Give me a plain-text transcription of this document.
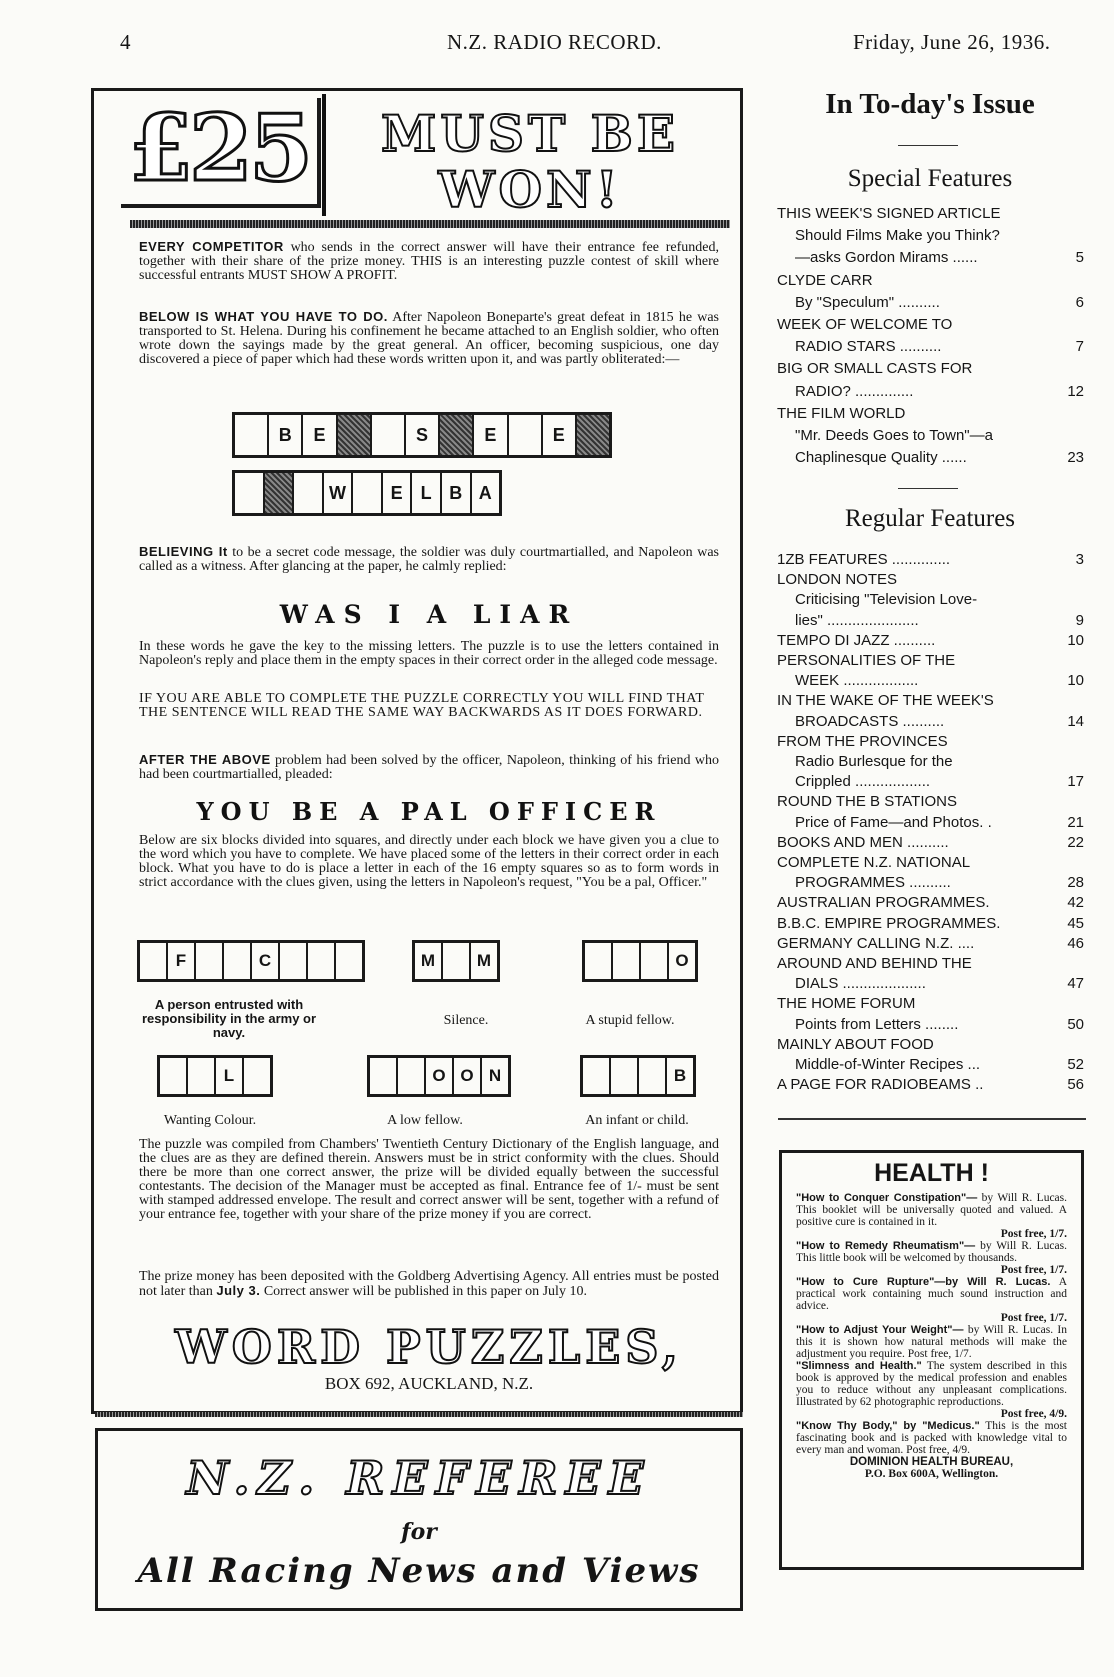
4	N.Z. RADIO RECORD.	Friday, June 26, 1936.
£25	MUST BE
WON!
EVERY COMPETITOR who sends in the correct answer will have their entrance fee refunded, together with their share of the prize money. THIS is an interesting puzzle contest of skill where successful entrants MUST SHOW A PROFIT.
BELOW IS WHAT YOU HAVE TO DO. After Napoleon Boneparte's great defeat in 1815 he was transported to St. Helena. During his confinement he became attached to an English soldier, who often wrote down the sayings made by the great general. An officer, becoming suspicious, one day discovered a piece of paper which had these words written upon it, and was partly obliterated:—
B	E	S	E	E
W	E	L B A
BELIEVING It to be a secret code message, the soldier was duly courtmartialled, and Napoleon was called as a witness. After glancing at the paper, he calmly replied:
WAS I A LIAR
In these words he gave the key to the missing letters. The puzzle is to use the letters contained in Napoleon's reply and place them in the empty spaces in their correct order in the alleged code message.
IF YOU ARE ABLE TO COMPLETE THE PUZZLE CORRECTLY YOU WILL FIND THAT THE SENTENCE WILL READ THE SAME WAY BACKWARDS AS IT DOES FORWARD.
AFTER THE ABOVE problem had been solved by the officer, Napoleon, thinking of his friend who had been courtmartialled, pleaded:
YOU BE A PAL OFFICER
Below are six blocks divided into squares, and directly under each block we have given you a clue to the word which you have to complete. We have placed some of the letters in their correct order in each block. What you have to do is place a letter in each of the 16 empty squares so as to form words in strict accordance with the clues given, using the letters in Napoleon's request, "You be a pal, Officer."
F	C	M	M	O
A person entrusted with responsibility in the army or navy.
Silence.	A stupid fellow.
L	O O N	B
Wanting Colour.	A low fellow.	An infant or child.
The puzzle was compiled from Chambers' Twentieth Century Dictionary of the English language, and the clues are as they are defined therein. Answers must be in strict conformity with the clues. Should there be more than one correct answer, the prize will be divided equally between the successful contestants. The decision of the Manager must be accepted as final. Entrance fee of 1/- must be sent with stamped addressed envelope. The result and correct answer will be sent, together with a refund of your entrance fee, together with your share of the prize money if you are correct.
The prize money has been deposited with the Goldberg Advertising Agency. All entries must be posted not later than July 3. Correct answer will be published in this paper on July 10.
WORD PUZZLES,
BOX 692, AUCKLAND, N.Z.
N.Z. REFEREE
for
All Racing News and Views
In To-day's Issue
Special Features
THIS WEEK'S SIGNED ARTICLE
Should Films Make you Think?
—asks Gordon Mirams ......	5
CLYDE CARR
By "Speculum" ..........	6
WEEK OF WELCOME TO
RADIO STARS ..........	7
BIG OR SMALL CASTS FOR
RADIO? ..............	12
THE FILM WORLD
"Mr. Deeds Goes to Town"—a
Chaplinesque Quality ......	23
Regular Features
1ZB FEATURES ..............	3
LONDON NOTES
Criticising "Television Love-
lies" ......................	9
TEMPO DI JAZZ ..........	10
PERSONALITIES OF THE
WEEK ..................	10
IN THE WAKE OF THE WEEK'S
BROADCASTS ..........	14
FROM THE PROVINCES
Radio Burlesque for the
Crippled ..................	17
ROUND THE B STATIONS
Price of Fame—and Photos. .	21
BOOKS AND MEN ..........	22
COMPLETE N.Z. NATIONAL
PROGRAMMES ..........	28
AUSTRALIAN PROGRAMMES.	42
B.B.C. EMPIRE PROGRAMMES.	45
GERMANY CALLING N.Z. ....	46
AROUND AND BEHIND THE
DIALS ....................	47
THE HOME FORUM
Points from Letters ........	50
MAINLY ABOUT FOOD
Middle-of-Winter Recipes ...	52
A PAGE FOR RADIOBEAMS ..	56
HEALTH !
"How to Conquer Constipation"— by Will R. Lucas. This booklet will be universally quoted and valued. A positive cure is contained in it.
Post free, 1/7.
"How to Remedy Rheumatism"— by Will R. Lucas. This little book will be welcomed by thousands.
Post free, 1/7.
"How to Cure Rupture"—by Will R. Lucas. A practical work containing much sound instruction and advice.
Post free, 1/7.
"How to Adjust Your Weight"— by Will R. Lucas. In this it is shown how natural methods will make the adjustment you require. Post free, 1/7.
"Slimness and Health." The system described in this book is approved by the medical profession and enables you to reduce without any unpleasant complications. Illustrated by 62 photographic reproductions.
Post free, 4/9.
"Know Thy Body," by "Medicus." This is the most fascinating book and is packed with knowledge vital to every man and woman. Post free, 4/9.
DOMINION HEALTH BUREAU,
P.O. Box 600A, Wellington.
